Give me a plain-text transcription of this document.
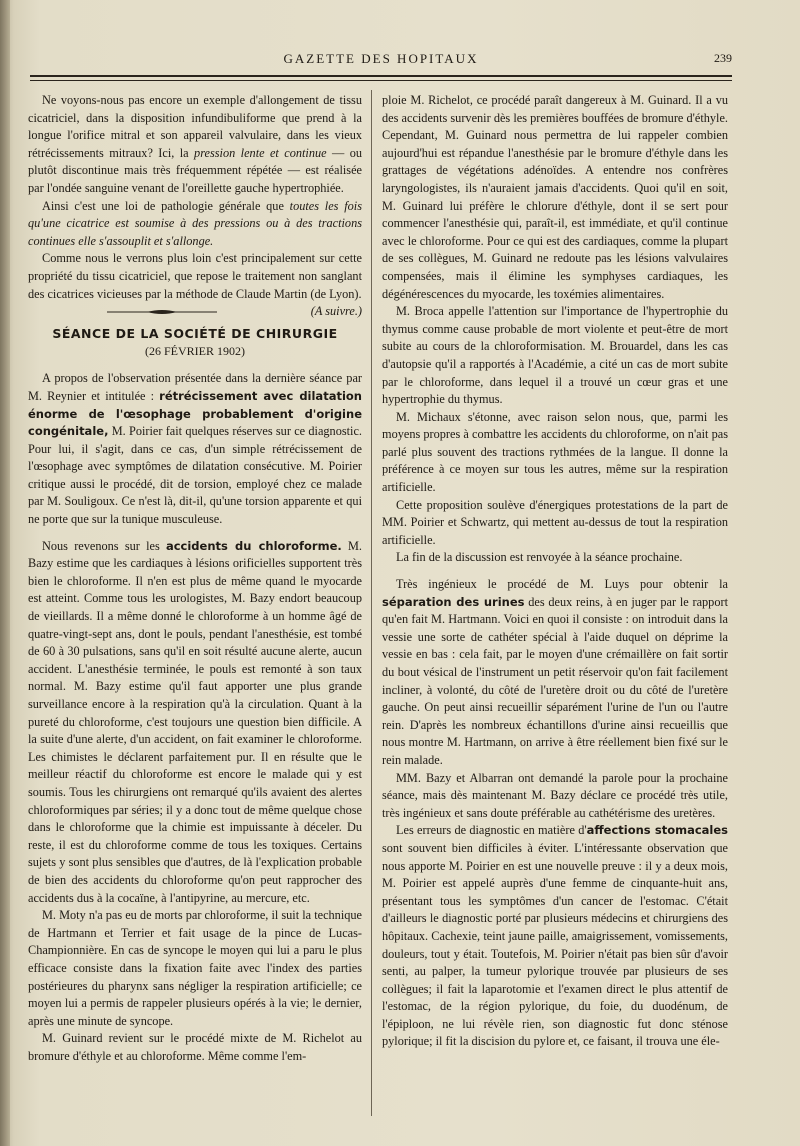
GAZETTE DES HOPITAUX	239

Ne voyons-nous pas encore un exemple d'allongement de tissu cicatriciel, dans la disposition infundibuliforme que prend à la longue l'orifice mitral et son appareil valvulaire, dans les vieux rétrécissements mitraux? Ici, la pression lente et continue — ou plutôt discontinue mais très fréquemment répétée — est réalisée par l'ondée sanguine venant de l'oreillette gauche hypertrophiée.

Ainsi c'est une loi de pathologie générale que toutes les fois qu'une cicatrice est soumise à des pressions ou à des tractions continues elle s'assouplit et s'allonge.

Comme nous le verrons plus loin c'est principalement sur cette propriété du tissu cicatriciel, que repose le traitement non sanglant des cicatrices vicieuses par la méthode de Claude Martin (de Lyon).
(A suivre.)

SÉANCE DE LA SOCIÉTÉ DE CHIRURGIE
(26 FÉVRIER 1902)

A propos de l'observation présentée dans la dernière séance par M. Reynier et intitulée : rétrécissement avec dilatation énorme de l'œsophage probablement d'origine congénitale, M. Poirier fait quelques réserves sur ce diagnostic. Pour lui, il s'agit, dans ce cas, d'un simple rétrécissement de l'œsophage avec symptômes de dilatation consécutive. M. Poirier critique aussi le procédé, dit de torsion, employé chez ce malade par M. Souligoux. Ce n'est là, dit-il, qu'une torsion apparente et qui ne porte que sur la tunique musculeuse.

Nous revenons sur les accidents du chloroforme. M. Bazy estime que les cardiaques à lésions orificielles supportent très bien le chloroforme. Il n'en est plus de même quand le myocarde est atteint. Comme tous les urologistes, M. Bazy endort beaucoup de vieillards. Il a même donné le chloroforme à un homme âgé de quatre-vingt-sept ans, dont le pouls, pendant l'anesthésie, est tombé de 60 à 30 pulsations, sans qu'il en soit résulté aucune alerte, aucun accident. L'anesthésie terminée, le pouls est remonté à son taux normal. M. Bazy estime qu'il faut apporter une plus grande surveillance encore à la respiration qu'à la circulation. Quant à la pureté du chloroforme, c'est toujours une question bien difficile. A la suite d'une alerte, d'un accident, on fait examiner le chloroforme. Les chimistes le déclarent parfaitement pur. Il en résulte que le meilleur réactif du chloroforme est encore le malade qui y est soumis. Tous les chirurgiens ont remarqué qu'ils avaient des alertes chloroformiques par séries; il y a donc tout de même quelque chose dans le chloroforme que la chimie est impuissante à déceler. Du reste, il est du chloroforme comme de tous les toxiques. Certains sujets y sont plus sensibles que d'autres, de là l'explication probable de bien des accidents du chloroforme qu'on peut rapprocher des accidents dus à la cocaïne, à l'antipyrine, au mercure, etc.

M. Moty n'a pas eu de morts par chloroforme, il suit la technique de Hartmann et Terrier et fait usage de la pince de Lucas-Championnière. En cas de syncope le moyen qui lui a paru le plus efficace consiste dans la fixation faite avec l'index des parties postérieures du pharynx sans négliger la respiration artificielle; ce moyen lui a permis de rappeler plusieurs opérés à la vie; le dernier, après une minute de syncope.

M. Guinard revient sur le procédé mixte de M. Richelot au bromure d'éthyle et au chloroforme. Même comme l'em-

ploie M. Richelot, ce procédé paraît dangereux à M. Guinard. Il a vu des accidents survenir dès les premières bouffées de bromure d'éthyle. Cependant, M. Guinard nous permettra de lui rappeler combien aujourd'hui est répandue l'anesthésie par le bromure d'éthyle dans les grattages de végétations adénoïdes. A entendre nos confrères laryngologistes, ils n'auraient jamais d'accidents. Quoi qu'il en soit, M. Guinard lui préfère le chlorure d'éthyle, dont il se sert pour commencer l'anesthésie qui, paraît-il, est immédiate, et qu'il continue avec le chloroforme. Pour ce qui est des cardiaques, comme la plupart de ses collègues, M. Guinard ne redoute pas les lésions valvulaires compensées, mais il élimine les symphyses cardiaques, les dégénérescences du myocarde, les toxémies alimentaires.

M. Broca appelle l'attention sur l'importance de l'hypertrophie du thymus comme cause probable de mort violente et peut-être de mort subite au cours de la chloroformisation. M. Brouardel, dans les cas d'autopsie qu'il a rapportés à l'Académie, a cité un cas de mort subite par le chloroforme, dans lequel il a trouvé un cœur gras et une hypertrophie du thymus.

M. Michaux s'étonne, avec raison selon nous, que, parmi les moyens propres à combattre les accidents du chloroforme, on n'ait pas parlé plus souvent des tractions rythmées de la langue. Il donne la préférence à ce moyen sur tous les autres, même sur la respiration artificielle.

Cette proposition soulève d'énergiques protestations de la part de MM. Poirier et Schwartz, qui mettent au-dessus de tout la respiration artificielle.

La fin de la discussion est renvoyée à la séance prochaine.

Très ingénieux le procédé de M. Luys pour obtenir la séparation des urines des deux reins, à en juger par le rapport qu'en fait M. Hartmann. Voici en quoi il consiste : on introduit dans la vessie une sorte de cathéter spécial à l'aide duquel on déprime la vessie en bas : cela fait, par le moyen d'une crémaillère on fait sortir du bout vésical de l'instrument un petit réservoir qu'on fait facilement incliner, à volonté, du côté de l'uretère droit ou du côté de l'uretère gauche. On peut ainsi recueillir séparément l'urine de l'un ou l'autre rein. D'après les nombreux échantillons d'urine ainsi recueillis que nous montre M. Hartmann, on arrive à être réellement bien fixé sur le rein malade.

MM. Bazy et Albarran ont demandé la parole pour la prochaine séance, mais dès maintenant M. Bazy déclare ce procédé très utile, très ingénieux et sans doute préférable au cathétérisme des uretères.

Les erreurs de diagnostic en matière d'affections stomacales sont souvent bien difficiles à éviter. L'intéressante observation que nous apporte M. Poirier en est une nouvelle preuve : il y a deux mois, M. Poirier est appelé auprès d'une femme de cinquante-huit ans, présentant tous les symptômes d'un cancer de l'estomac. C'était d'ailleurs le diagnostic porté par plusieurs médecins et chirurgiens des hôpitaux. Cachexie, teint jaune paille, amaigrissement, vomissements, douleurs, tout y était. Toutefois, M. Poirier n'était pas bien sûr d'avoir senti, au palper, la tumeur pylorique trouvée par plusieurs de ses collègues; il fait la laparotomie et l'examen direct le plus attentif de l'estomac, de la région pylorique, du foie, du duodénum, de l'épiploon, ne lui révèle rien, son diagnostic fut donc sténose pylorique; il fit la discision du pylore et, ce faisant, il trouva une éle-
